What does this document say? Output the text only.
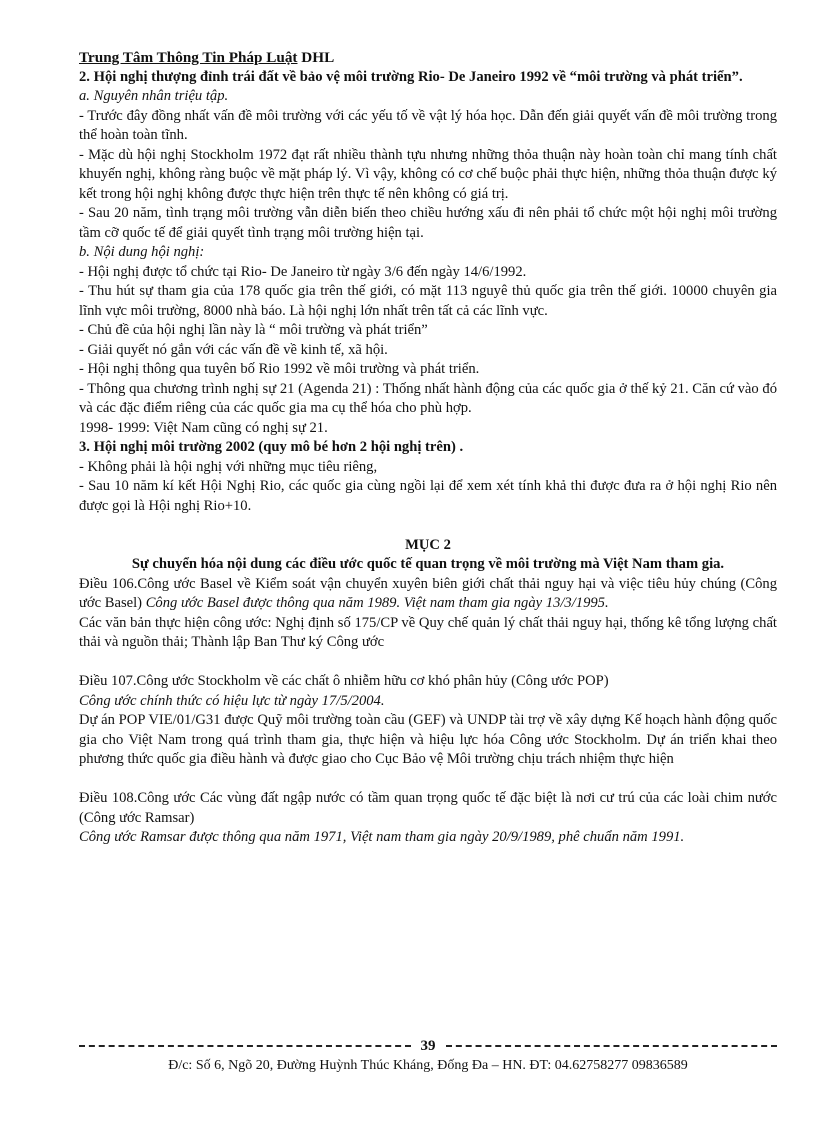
Trung Tâm Thông Tin Pháp Luật DHL

2. Hội nghị thượng đỉnh trái đất về bảo vệ môi trường Rio- De Janeiro 1992 về “môi trường và phát triển”.

a. Nguyên nhân triệu tập.

- Trước đây đồng nhất vấn đề môi trường với các yếu tố về vật lý hóa học. Dẫn đến giải quyết vấn đề môi trường trong thể hoàn toàn tĩnh.

- Mặc dù hội nghị Stockholm 1972 đạt rất nhiều thành tựu nhưng những thỏa thuận này hoàn toàn chỉ mang tính chất khuyến nghị, không ràng buộc về mặt pháp lý. Vì vậy, không có cơ chế buộc phải thực hiện, những thỏa thuận được ký kết trong hội nghị không được thực hiện trên thực tế nên không có giá trị.

- Sau 20 năm, tình trạng môi trường vẫn diễn biến theo chiều hướng xấu đi nên phải tổ chức một hội nghị môi trường tầm cỡ quốc tế để giải quyết tình trạng môi trường hiện tại.

b. Nội dung hội nghị:

- Hội nghị được tổ chức tại Rio- De Janeiro từ ngày 3/6 đến ngày 14/6/1992.

- Thu hút sự tham gia của 178 quốc gia trên thế giới, có mặt 113 nguyê thủ quốc gia trên thế giới. 10000 chuyên gia lĩnh vực môi trường, 8000 nhà báo. Là hội nghị lớn nhất trên tất cả các lĩnh vực.

- Chủ đề của hội nghị lần này là “ môi trường và phát triển”

- Giải quyết nó gắn với các vấn đề về kinh tế, xã hội.

- Hội nghị thông qua tuyên bố Rio 1992 về môi trường và phát triển.

- Thông qua chương trình nghị sự 21 (Agenda 21) : Thống nhất hành động của các quốc gia ở thế kỷ 21. Căn cứ vào đó và các đặc điểm riêng của các quốc gia ma cụ thể hóa cho phù hợp.

1998- 1999: Việt Nam cũng có nghị sự 21.

3. Hội nghị môi trường 2002 (quy mô bé hơn 2 hội nghị trên) .

- Không phải là hội nghị với những mục tiêu riêng,

- Sau 10 năm kí kết Hội Nghị Rio, các quốc gia cùng ngồi lại để xem xét tính khả thi được đưa ra ở hội nghị Rio nên được gọi là Hội nghị Rio+10.

MỤC 2

Sự chuyển hóa nội dung các điều ước quốc tế quan trọng về môi trường mà Việt Nam tham gia.

Điều 106.Công ước Basel về Kiểm soát vận chuyển xuyên biên giới chất thải nguy hại và việc tiêu hủy chúng (Công ước Basel) Công ước Basel được thông qua năm 1989. Việt nam tham gia ngày 13/3/1995.

Các văn bản thực hiện công ước: Nghị định số 175/CP về Quy chế quản lý chất thải nguy hại, thống kê tổng lượng chất thải và nguồn thải; Thành lập Ban Thư ký Công ước

Điều 107.Công ước Stockholm về các chất ô nhiễm hữu cơ khó phân hủy (Công ước POP)

Công ước chính thức có hiệu lực từ ngày 17/5/2004.

Dự án POP VIE/01/G31 được Quỹ môi trường toàn cầu (GEF) và UNDP tài trợ về xây dựng Kế hoạch hành động quốc gia cho Việt Nam trong quá trình tham gia, thực hiện và hiệu lực hóa Công ước Stockholm. Dự án triển khai theo phương thức quốc gia điều hành và được giao cho Cục Bảo vệ Môi trường chịu trách nhiệm thực hiện

Điều 108.Công ước Các vùng đất ngập nước có tầm quan trọng quốc tế đặc biệt là nơi cư trú của các loài chim nước (Công ước Ramsar)

Công ước Ramsar được thông qua năm 1971, Việt nam tham gia ngày 20/9/1989, phê chuẩn năm 1991.

39
Đ/c: Số 6, Ngõ 20, Đường Huỳnh Thúc Kháng, Đống Đa – HN. ĐT: 04.62758277 09836589
